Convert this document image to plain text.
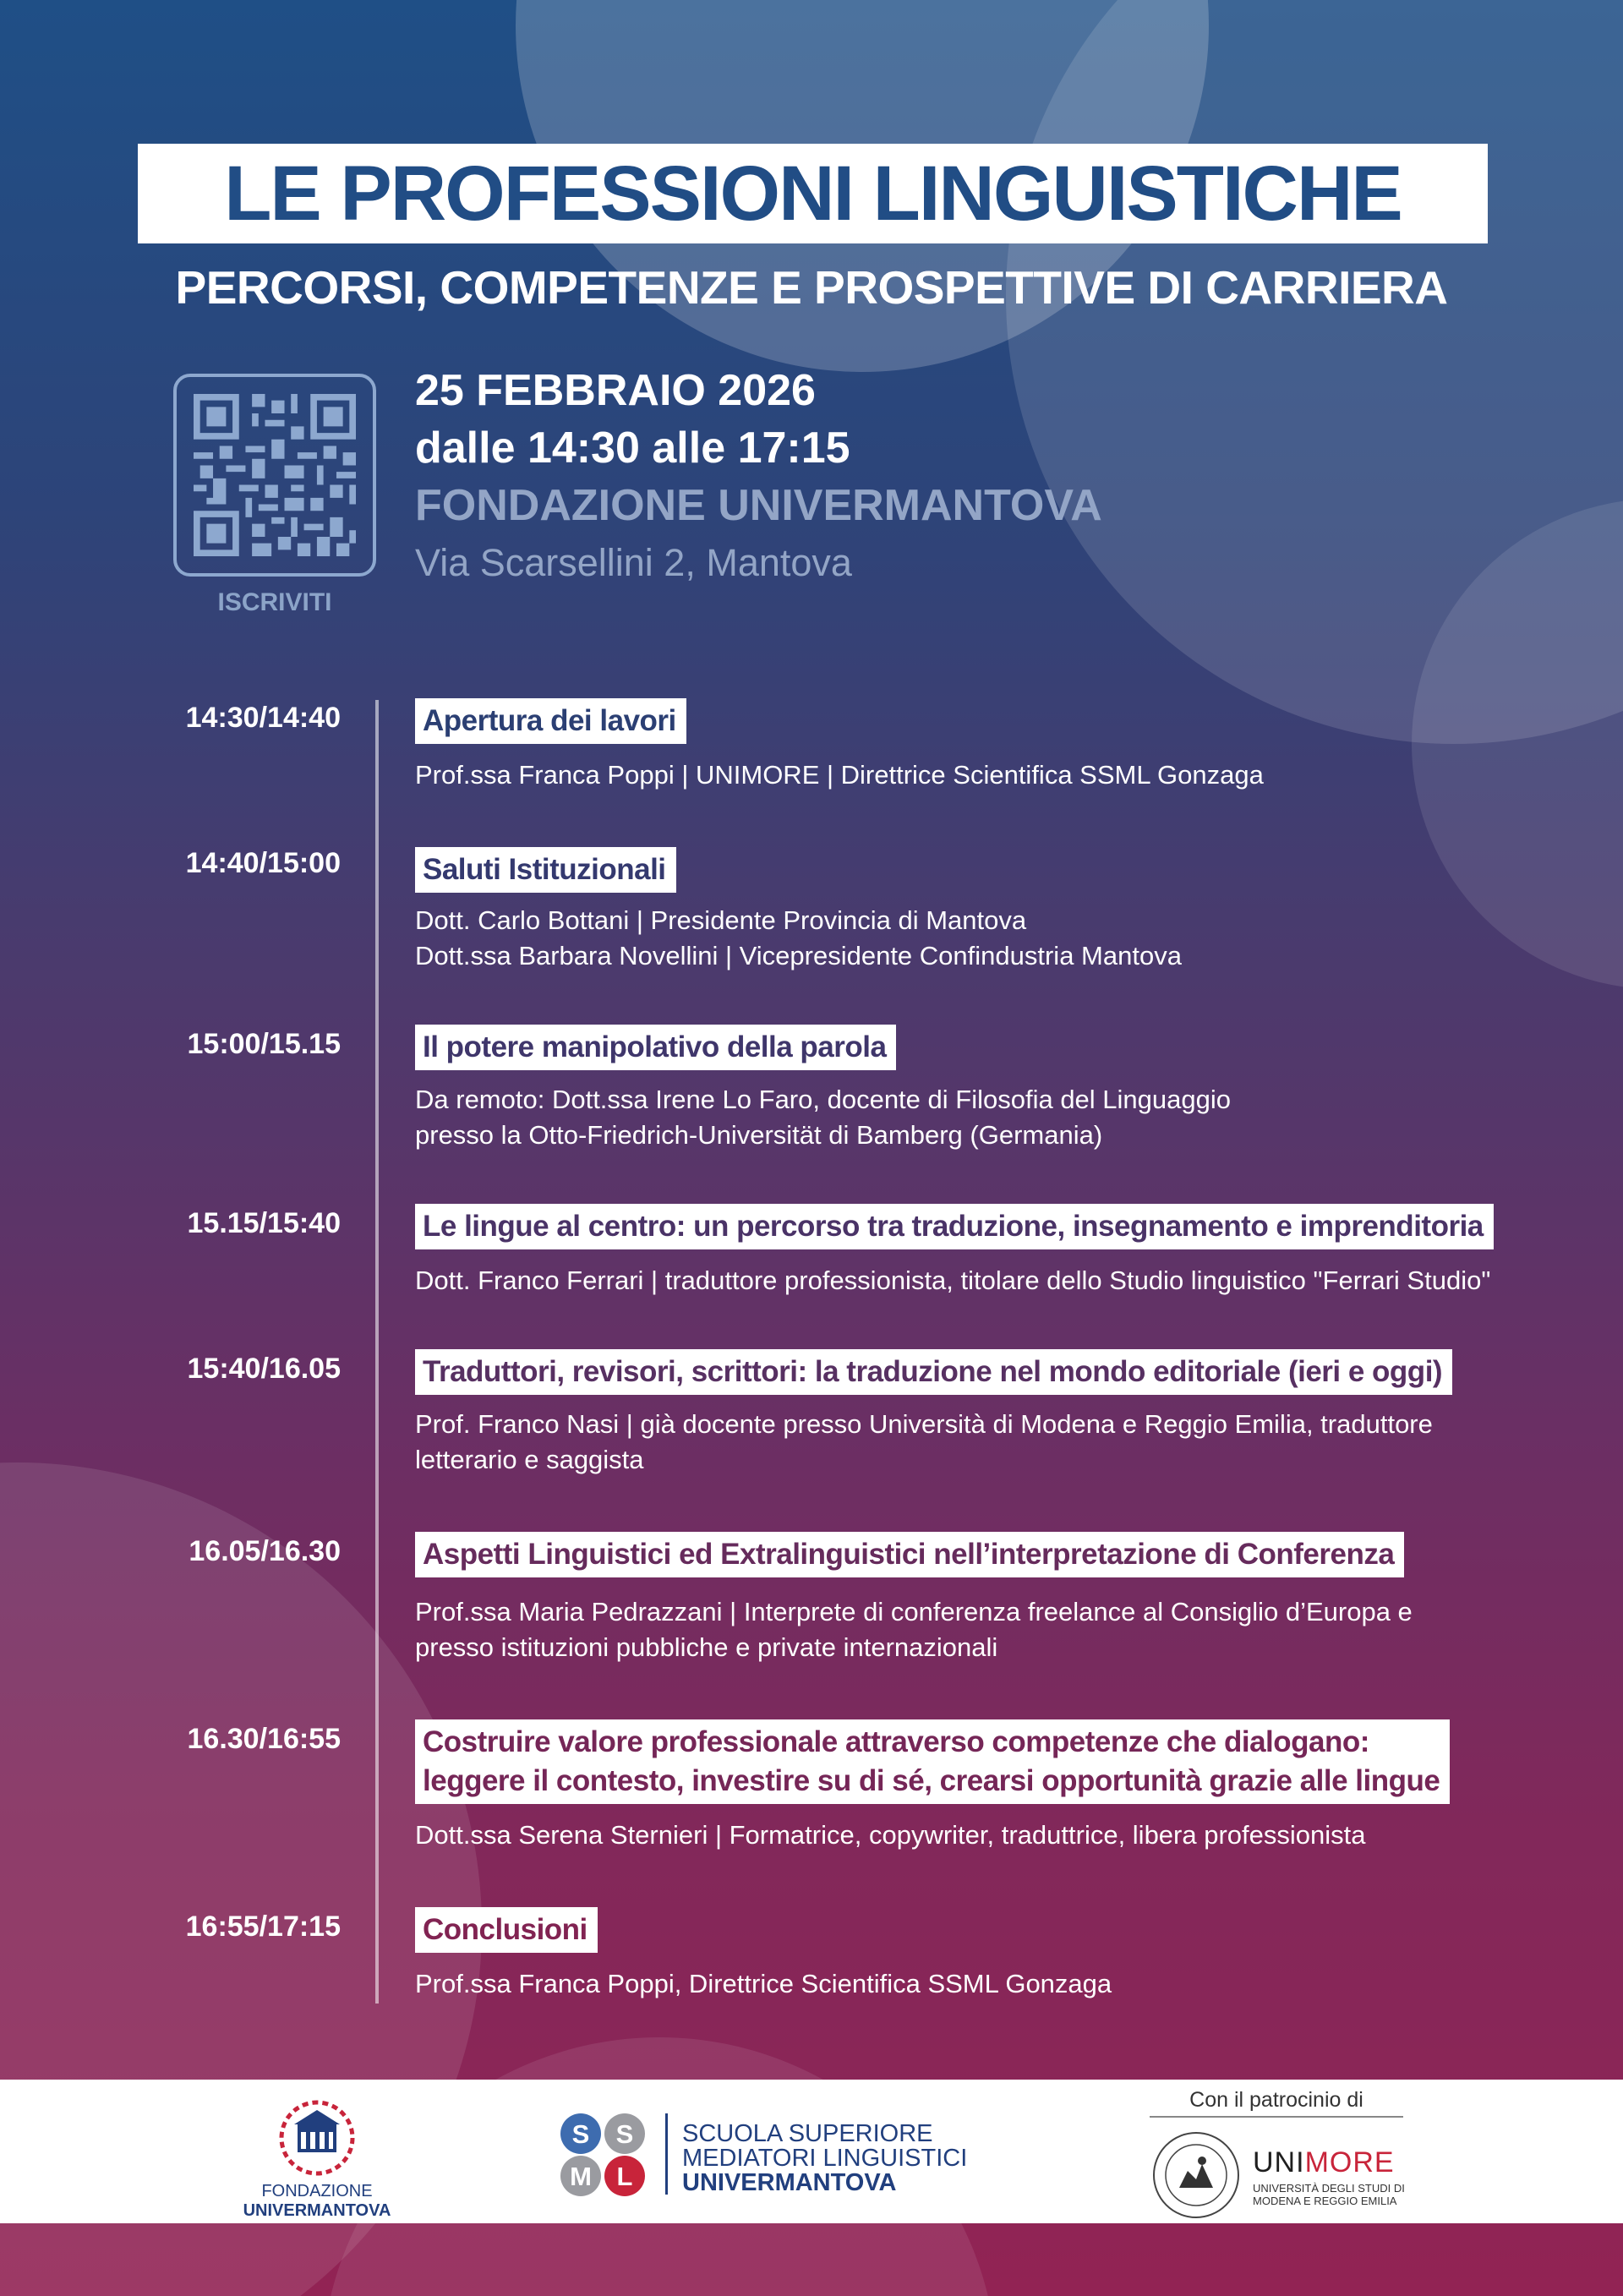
LE PROFESSIONI LINGUISTICHE
PERCORSI, COMPETENZE E PROSPETTIVE DI CARRIERA
ISCRIVITI
25 FEBBRAIO 2026
dalle 14:30 alle 17:15
FONDAZIONE UNIVERMANTOVA
Via Scarsellini 2, Mantova
14:30/14:40	Apertura dei lavori
Prof.ssa Franca Poppi | UNIMORE | Direttrice Scientifica SSML Gonzaga
14:40/15:00	Saluti Istituzionali
Dott. Carlo Bottani | Presidente Provincia di Mantova
Dott.ssa Barbara Novellini | Vicepresidente Confindustria Mantova
15:00/15.15	Il potere manipolativo della parola
Da remoto: Dott.ssa Irene Lo Faro, docente di Filosofia del Linguaggio
presso la Otto-Friedrich-Universität di Bamberg (Germania)
15.15/15:40	Le lingue al centro: un percorso tra traduzione, insegnamento e imprenditoria
Dott. Franco Ferrari | traduttore professionista, titolare dello Studio linguistico "Ferrari Studio"
15:40/16.05	Traduttori, revisori, scrittori: la traduzione nel mondo editoriale (ieri e oggi)
Prof. Franco Nasi | già docente presso Università di Modena e Reggio Emilia, traduttore
letterario e saggista
16.05/16.30	Aspetti Linguistici ed Extralinguistici nell’interpretazione di Conferenza
Prof.ssa Maria Pedrazzani | Interprete di conferenza freelance al Consiglio d’Europa e
presso istituzioni pubbliche e private internazionali
16.30/16:55	Costruire valore professionale attraverso competenze che dialogano:
leggere il contesto, investire su di sé, crearsi opportunità grazie alle lingue
Dott.ssa Serena Sternieri | Formatrice, copywriter, traduttrice, libera professionista
16:55/17:15	Conclusioni
Prof.ssa Franca Poppi, Direttrice Scientifica SSML Gonzaga
FONDAZIONE
UNIVERMANTOVA
S S
M L
SCUOLA SUPERIORE
MEDIATORI LINGUISTICI
UNIVERMANTOVA
Con il patrocinio di
UNIMORE
UNIVERSITÀ DEGLI STUDI DI
MODENA E REGGIO EMILIA
